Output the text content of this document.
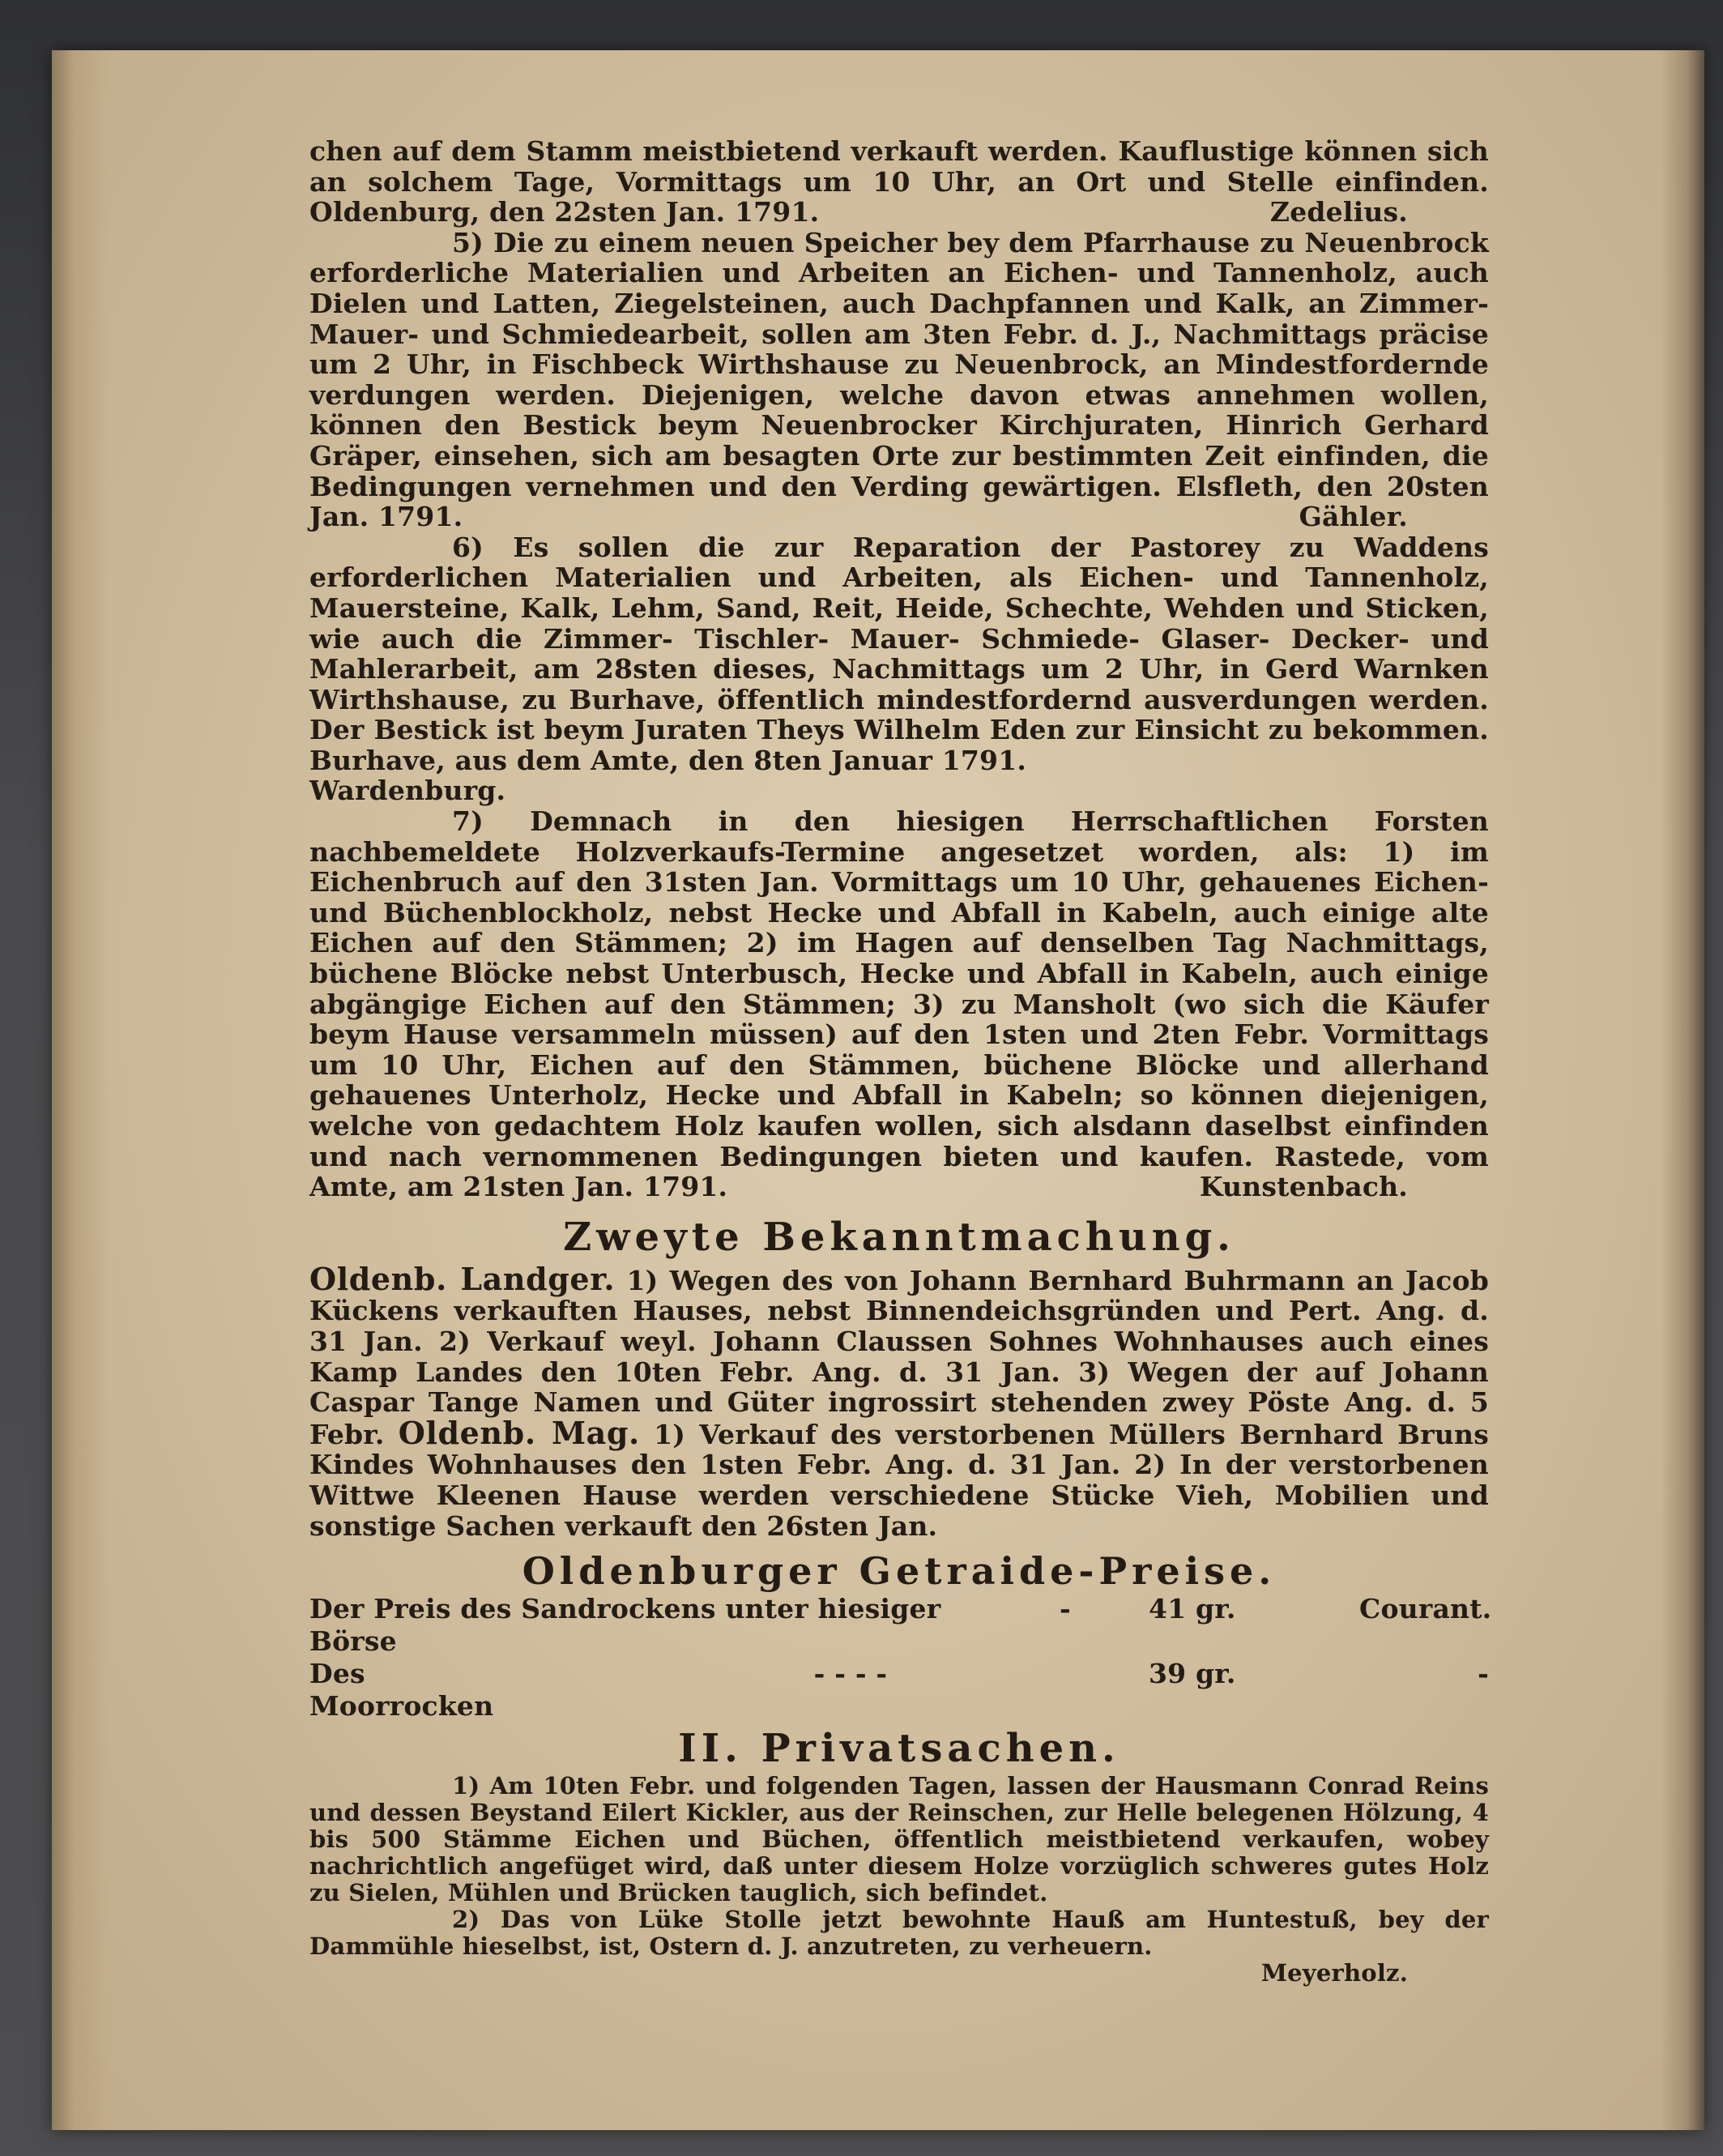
chen auf dem Stamm meistbietend verkauft werden. Kauflustige können sich an solchem Tage, Vormittags um 10 Uhr, an Ort und Stelle einfinden. Oldenburg, den 22sten Jan. 1791.	Zedelius.

5) Die zu einem neuen Speicher bey dem Pfarrhause zu Neuenbrock erforderliche Materialien und Arbeiten an Eichen- und Tannenholz, auch Dielen und Latten, Ziegelsteinen, auch Dachpfannen und Kalk, an Zimmer- Mauer- und Schmiedearbeit, sollen am 3ten Febr. d. J., Nachmittags präcise um 2 Uhr, in Fischbeck Wirthshause zu Neuenbrock, an Mindestfordernde verdungen werden. Diejenigen, welche davon etwas annehmen wollen, können den Bestick beym Neuenbrocker Kirchjuraten, Hinrich Gerhard Gräper, einsehen, sich am besagten Orte zur bestimmten Zeit einfinden, die Bedingungen vernehmen und den Verding gewärtigen. Elsfleth, den 20sten Jan. 1791.	Gähler.

6) Es sollen die zur Reparation der Pastorey zu Waddens erforderlichen Materialien und Arbeiten, als Eichen- und Tannenholz, Mauersteine, Kalk, Lehm, Sand, Reit, Heide, Schechte, Wehden und Sticken, wie auch die Zimmer- Tischler- Mauer- Schmiede- Glaser- Decker- und Mahlerarbeit, am 28sten dieses, Nachmittags um 2 Uhr, in Gerd Warnken Wirthshause, zu Burhave, öffentlich mindestfordernd ausverdungen werden. Der Bestick ist beym Juraten Theys Wilhelm Eden zur Einsicht zu bekommen. Burhave, aus dem Amte, den 8ten Januar 1791.

Wardenburg.

7) Demnach in den hiesigen Herrschaftlichen Forsten nachbemeldete Holzverkaufs-Termine angesetzet worden, als: 1) im Eichenbruch auf den 31sten Jan. Vormittags um 10 Uhr, gehauenes Eichen- und Büchenblockholz, nebst Hecke und Abfall in Kabeln, auch einige alte Eichen auf den Stämmen; 2) im Hagen auf denselben Tag Nachmittags, büchene Blöcke nebst Unterbusch, Hecke und Abfall in Kabeln, auch einige abgängige Eichen auf den Stämmen; 3) zu Mansholt (wo sich die Käufer beym Hause versammeln müssen) auf den 1sten und 2ten Febr. Vormittags um 10 Uhr, Eichen auf den Stämmen, büchene Blöcke und allerhand gehauenes Unterholz, Hecke und Abfall in Kabeln; so können diejenigen, welche von gedachtem Holz kaufen wollen, sich alsdann daselbst einfinden und nach vernommenen Bedingungen bieten und kaufen. Rastede, vom Amte, am 21sten Jan. 1791.	Kunstenbach.

Zweyte Bekanntmachung.

Oldenb. Landger. 1) Wegen des von Johann Bernhard Buhrmann an Jacob Kückens verkauften Hauses, nebst Binnendeichsgründen und Pert. Ang. d. 31 Jan. 2) Verkauf weyl. Johann Claussen Sohnes Wohnhauses auch eines Kamp Landes den 10ten Febr. Ang. d. 31 Jan. 3) Wegen der auf Johann Caspar Tange Namen und Güter ingrossirt stehenden zwey Pöste Ang. d. 5 Febr. Oldenb. Mag. 1) Verkauf des verstorbenen Müllers Bernhard Bruns Kindes Wohnhauses den 1sten Febr. Ang. d. 31 Jan. 2) In der verstorbenen Wittwe Kleenen Hause werden verschiedene Stücke Vieh, Mobilien und sonstige Sachen verkauft den 26sten Jan.

Oldenburger Getraide-Preise.
Der Preis des Sandrockens unter hiesiger Börse
-	41 gr.	Courant.
Des Moorrocken
- - - -	39 gr.	-
II. Privatsachen.

1) Am 10ten Febr. und folgenden Tagen, lassen der Hausmann Conrad Reins und dessen Beystand Eilert Kickler, aus der Reinschen, zur Helle belegenen Hölzung, 4 bis 500 Stämme Eichen und Büchen, öffentlich meistbietend verkaufen, wobey nachrichtlich angefüget wird, daß unter diesem Holze vorzüglich schweres gutes Holz zu Sielen, Mühlen und Brücken tauglich, sich befindet.

2) Das von Lüke Stolle jetzt bewohnte Hauß am Huntestuß, bey der Dammühle hieselbst, ist, Ostern d. J. anzutreten, zu verheuern.
Meyerholz.
